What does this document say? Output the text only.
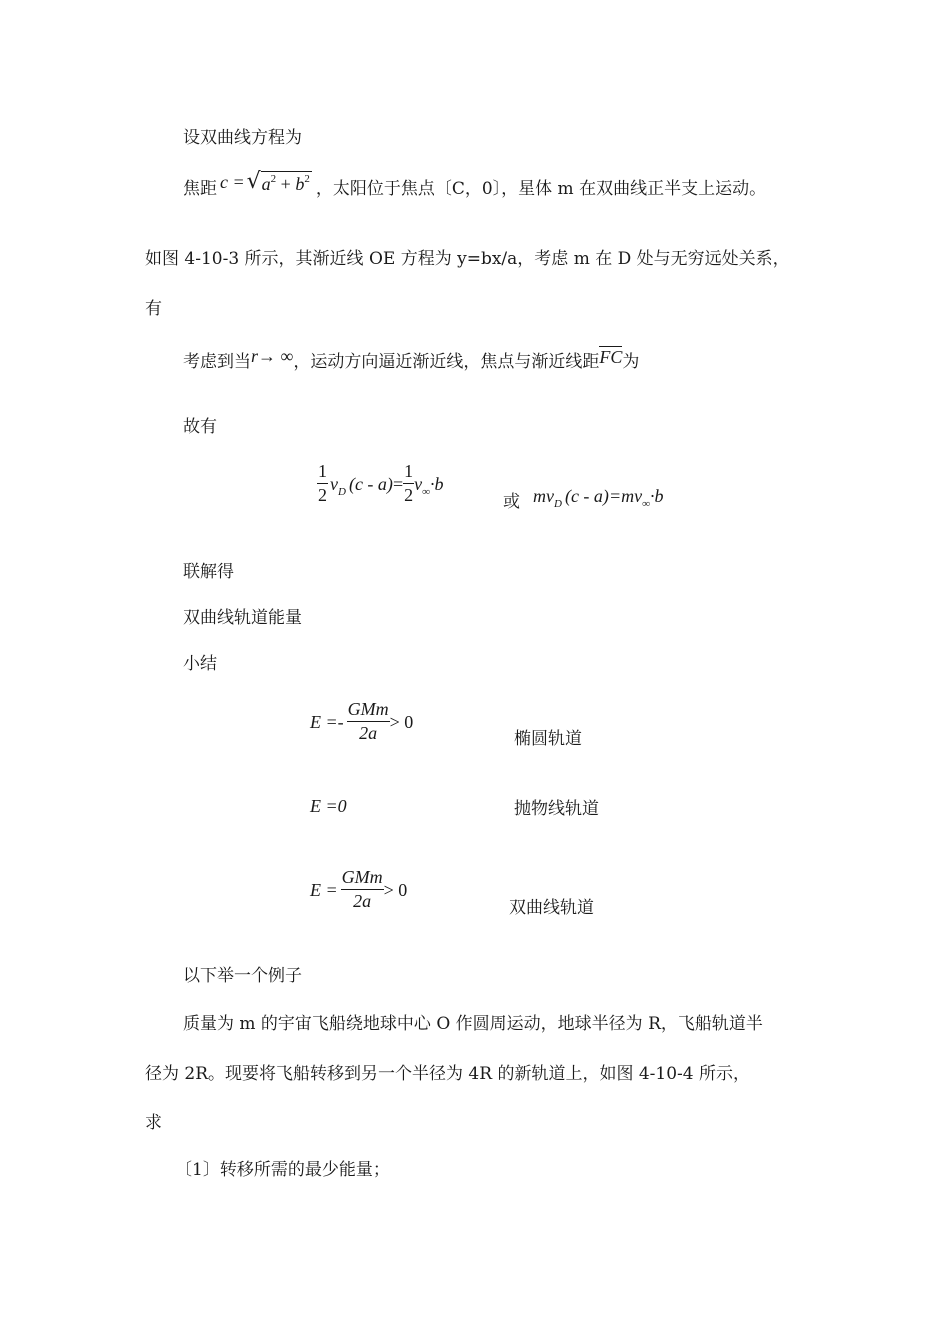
设双曲线方程为
焦距 c = √ $a^2 + b^2$ ，太阳位于焦点〔C，0〕，星体 m 在双曲线正半支上运动。
如图 4-10-3 所示，其渐近线 OE 方程为 y=bx/a，考虑 m 在 D 处与无穷远处关系，
有
考虑到当 r → ∞ ，运动方向逼近渐近线，焦点与渐近线距 FC 为
故有
$\frac{1}{2} v_D$ $(c - a) = \frac{1}{2} v_\infty \cdot b$
或 m $v_D$ (c - a) =m $v_\infty \cdot b$
联解得
双曲线轨道能量
小结
$E =- \frac{\text{GMm}}{2a} > 0$
椭圆轨道
E =0	抛物线轨道
$E = \frac{\text{GMm}}{2a} > 0$
双曲线轨道
以下举一个例子
质量为 m 的宇宙飞船绕地球中心 O 作圆周运动，地球半径为 R，飞船轨道半
径为 2R。现要将飞船转移到另一个半径为 4R 的新轨道上，如图 4-10-4 所示，
求
〔1〕转移所需的最少能量；
